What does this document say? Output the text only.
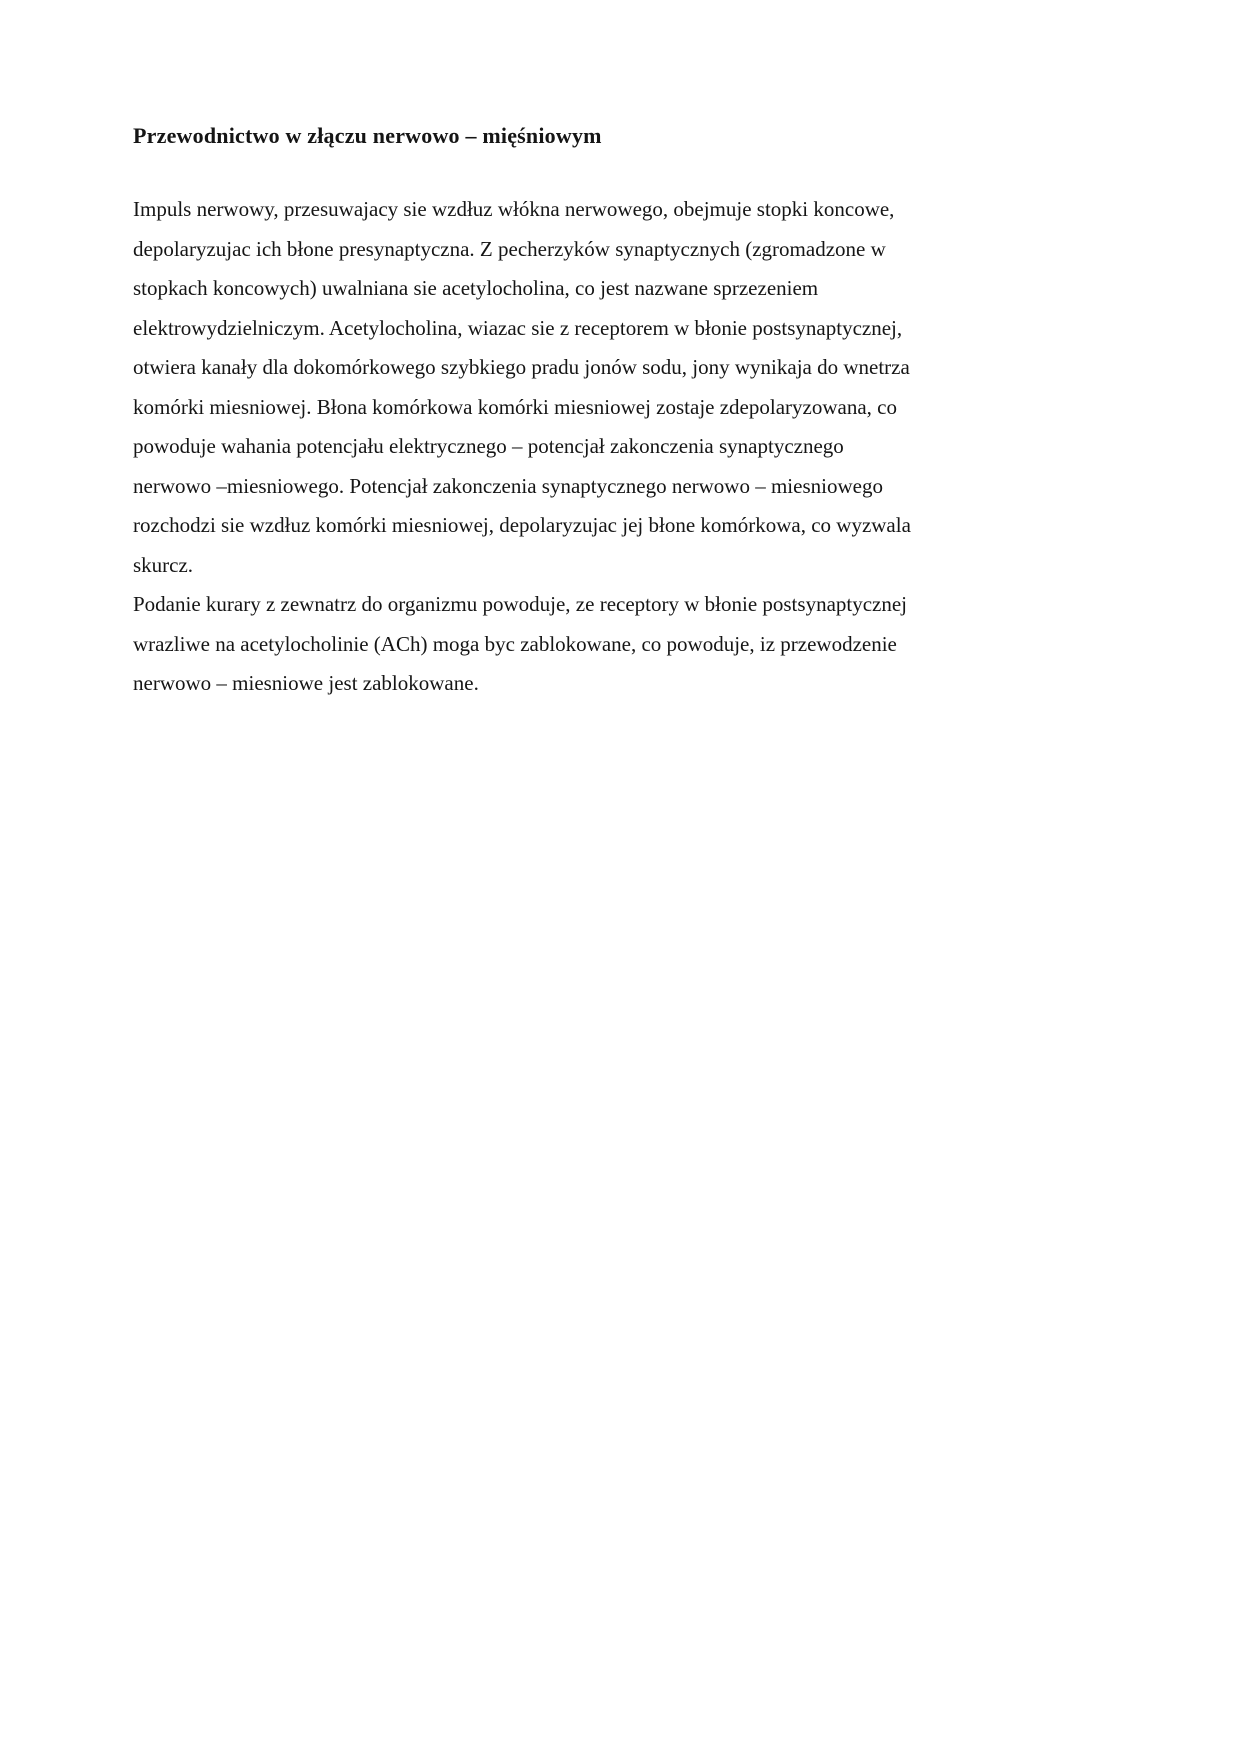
Przewodnictwo w złączu nerwowo – mięśniowym
Impuls nerwowy, przesuwajacy sie wzdłuz włókna nerwowego, obejmuje stopki koncowe,
depolaryzujac ich błone presynaptyczna. Z pecherzyków synaptycznych (zgromadzone w
stopkach koncowych) uwalniana sie acetylocholina, co jest nazwane sprzezeniem
elektrowydzielniczym. Acetylocholina, wiazac sie z receptorem w błonie postsynaptycznej,
otwiera kanały dla dokomórkowego szybkiego pradu jonów sodu, jony wynikaja do wnetrza
komórki miesniowej. Błona komórkowa komórki miesniowej zostaje zdepolaryzowana, co
powoduje wahania potencjału elektrycznego – potencjał zakonczenia synaptycznego
nerwowo –miesniowego. Potencjał zakonczenia synaptycznego nerwowo – miesniowego
rozchodzi sie wzdłuz komórki miesniowej, depolaryzujac jej błone komórkowa, co wyzwala
skurcz.
Podanie kurary z zewnatrz do organizmu powoduje, ze receptory w błonie postsynaptycznej
wrazliwe na acetylocholinie (ACh) moga byc zablokowane, co powoduje, iz przewodzenie
nerwowo – miesniowe jest zablokowane.
